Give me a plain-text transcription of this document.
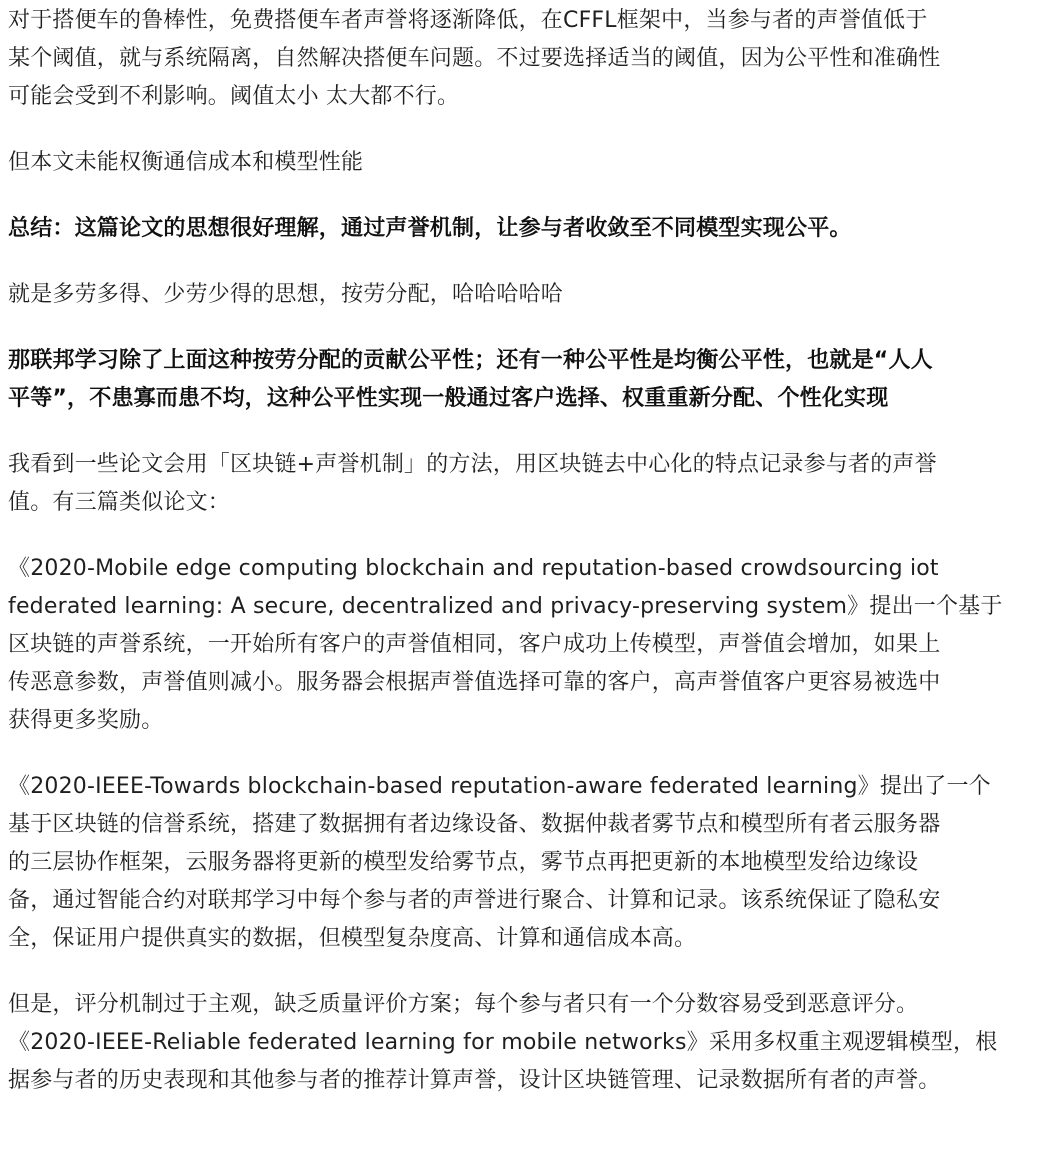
对于搭便车的鲁棒性，免费搭便车者声誉将逐渐降低，在CFFL框架中，当参与者的声誉值低于
某个阈值，就与系统隔离，自然解决搭便车问题。不过要选择适当的阈值，因为公平性和准确性
可能会受到不利影响。阈值太小 太大都不行。

但本文未能权衡通信成本和模型性能

总结：这篇论文的思想很好理解，通过声誉机制，让参与者收敛至不同模型实现公平。

就是多劳多得、少劳少得的思想，按劳分配，哈哈哈哈哈

那联邦学习除了上面这种按劳分配的贡献公平性；还有一种公平性是均衡公平性，也就是“人人
平等”，不患寡而患不均，这种公平性实现一般通过客户选择、权重重新分配、个性化实现

我看到一些论文会用「区块链+声誉机制」的方法，用区块链去中心化的特点记录参与者的声誉
值。有三篇类似论文：

《2020-Mobile edge computing blockchain and reputation-based crowdsourcing iot
federated learning: A secure, decentralized and privacy-preserving system》提出一个基于
区块链的声誉系统，一开始所有客户的声誉值相同，客户成功上传模型，声誉值会增加，如果上
传恶意参数，声誉值则减小。服务器会根据声誉值选择可靠的客户，高声誉值客户更容易被选中
获得更多奖励。

《2020-IEEE-Towards blockchain-based reputation-aware federated learning》提出了一个
基于区块链的信誉系统，搭建了数据拥有者边缘设备、数据仲裁者雾节点和模型所有者云服务器
的三层协作框架，云服务器将更新的模型发给雾节点，雾节点再把更新的本地模型发给边缘设
备，通过智能合约对联邦学习中每个参与者的声誉进行聚合、计算和记录。该系统保证了隐私安
全，保证用户提供真实的数据，但模型复杂度高、计算和通信成本高。

但是，评分机制过于主观，缺乏质量评价方案；每个参与者只有一个分数容易受到恶意评分。
《2020-IEEE-Reliable federated learning for mobile networks》采用多权重主观逻辑模型，根
据参与者的历史表现和其他参与者的推荐计算声誉，设计区块链管理、记录数据所有者的声誉。
